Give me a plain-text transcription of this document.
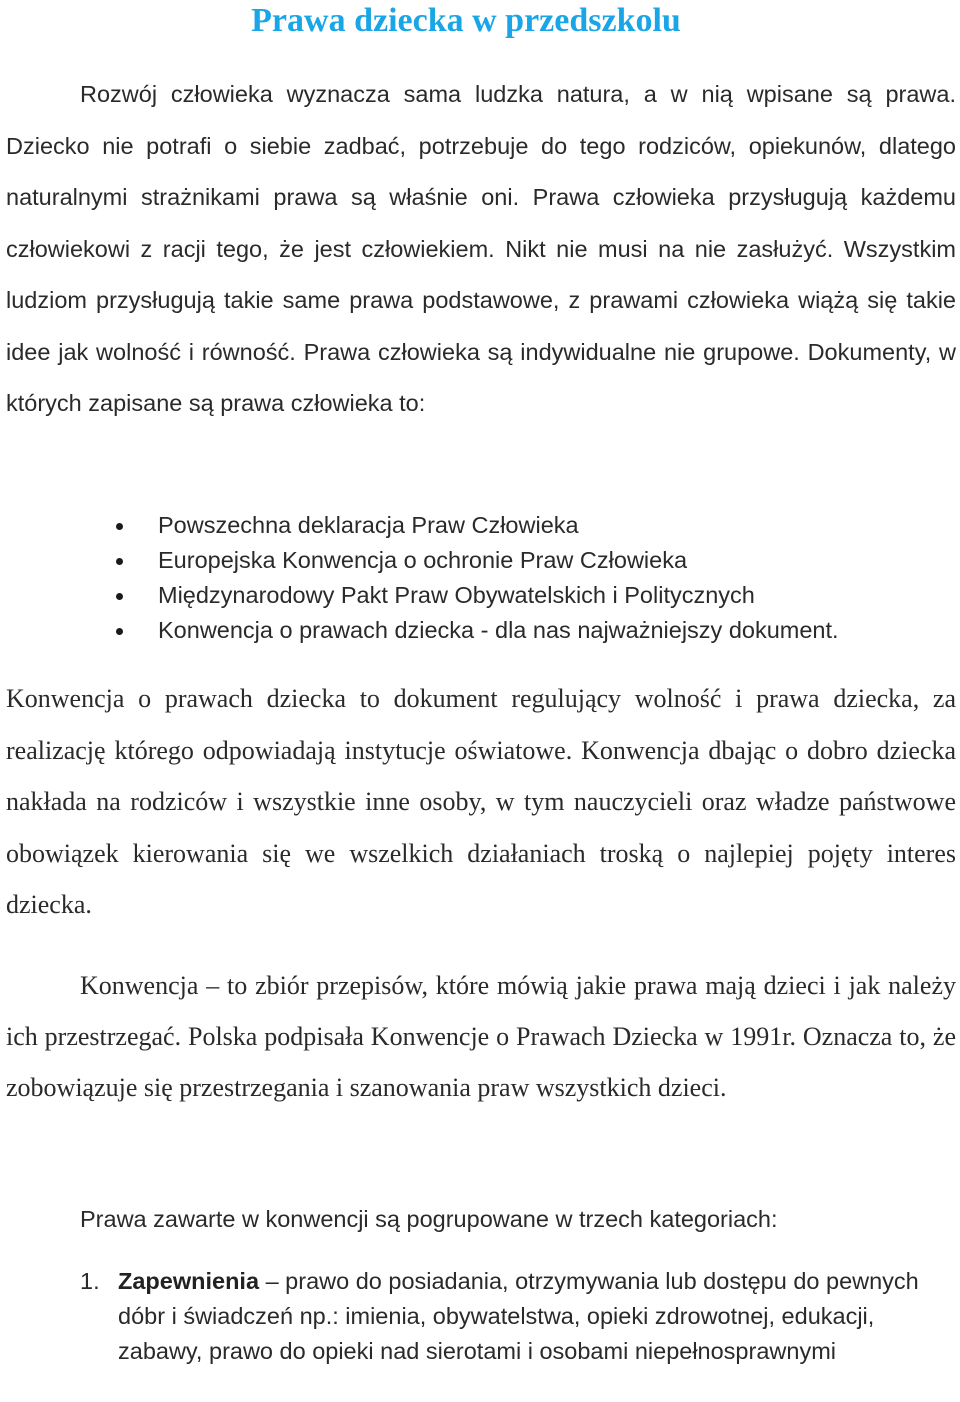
Prawa dziecka w przedszkolu

Rozwój człowieka wyznacza sama ludzka natura, a w nią wpisane są prawa. Dziecko nie potrafi o siebie zadbać, potrzebuje do tego rodziców, opiekunów, dlatego naturalnymi strażnikami prawa są właśnie oni. Prawa człowieka przysługują każdemu człowiekowi z racji tego, że jest człowiekiem. Nikt nie musi na nie zasłużyć. Wszystkim ludziom przysługują takie same prawa podstawowe, z prawami człowieka wiążą się takie idee jak wolność i równość. Prawa człowieka są indywidualne nie grupowe. Dokumenty, w których zapisane są prawa człowieka to:

Powszechna deklaracja Praw Człowieka
Europejska Konwencja o ochronie Praw Człowieka
Międzynarodowy Pakt Praw Obywatelskich i Politycznych
Konwencja o prawach dziecka - dla nas najważniejszy dokument.

Konwencja o prawach dziecka to dokument regulujący wolność i prawa dziecka, za realizację którego odpowiadają instytucje oświatowe. Konwencja dbając o dobro dziecka nakłada na rodziców i wszystkie inne osoby, w tym nauczycieli oraz władze państwowe obowiązek kierowania się we wszelkich działaniach troską o najlepiej pojęty interes dziecka.

Konwencja – to zbiór przepisów, które mówią jakie prawa mają dzieci i jak należy ich przestrzegać. Polska podpisała Konwencje o Prawach Dziecka w 1991r. Oznacza to, że zobowiązuje się przestrzegania i szanowania praw wszystkich dzieci.

Prawa zawarte w konwencji są pogrupowane w trzech kategoriach:

1. Zapewnienia – prawo do posiadania, otrzymywania lub dostępu do pewnych dóbr i świadczeń np.: imienia, obywatelstwa, opieki zdrowotnej, edukacji, zabawy, prawo do opieki nad sierotami i osobami niepełnosprawnymi
